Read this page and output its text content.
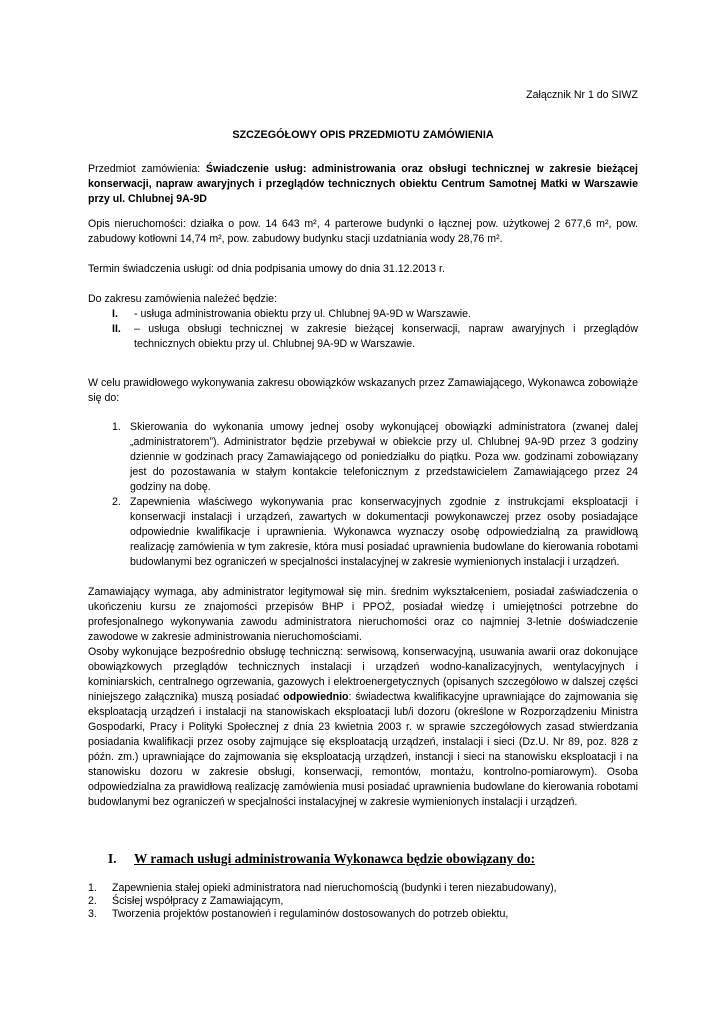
Załącznik Nr 1 do SIWZ

SZCZEGÓŁOWY OPIS PRZEDMIOTU ZAMÓWIENIA

Przedmiot zamówienia: Świadczenie usług: administrowania oraz obsługi technicznej w zakresie bieżącej konserwacji, napraw awaryjnych i przeglądów technicznych obiektu Centrum Samotnej Matki w Warszawie przy ul. Chlubnej 9A-9D

Opis nieruchomości: działka o pow. 14 643 m², 4 parterowe budynki o łącznej pow. użytkowej 2 677,6 m², pow. zabudowy kotłowni 14,74 m², pow. zabudowy budynku stacji uzdatniania wody 28,76 m².

Termin świadczenia usługi: od dnia podpisania umowy do dnia 31.12.2013 r.

Do zakresu zamówienia należeć będzie:

I. - usługa administrowania obiektu przy ul. Chlubnej 9A-9D w Warszawie.

II. – usługa obsługi technicznej w zakresie bieżącej konserwacji, napraw awaryjnych i przeglądów technicznych obiektu przy ul. Chlubnej 9A-9D w Warszawie.

W celu prawidłowego wykonywania zakresu obowiązków wskazanych przez Zamawiającego, Wykonawca zobowiąże się do:

1. Skierowania do wykonania umowy jednej osoby wykonującej obowiązki administratora (zwanej dalej „administratorem”). Administrator będzie przebywał w obiekcie przy ul. Chlubnej 9A-9D przez 3 godziny dziennie w godzinach pracy Zamawiającego od poniedziałku do piątku. Poza ww. godzinami zobowiązany jest do pozostawania w stałym kontakcie telefonicznym z przedstawicielem Zamawiającego przez 24 godziny na dobę.
2. Zapewnienia właściwego wykonywania prac konserwacyjnych zgodnie z instrukcjami eksploatacji i konserwacji instalacji i urządzeń, zawartych w dokumentacji powykonawczej przez osoby posiadające odpowiednie kwalifikacje i uprawnienia. Wykonawca wyznaczy osobę odpowiedzialną za prawidłową realizację zamówienia w tym zakresie, która musi posiadać uprawnienia budowlane do kierowania robotami budowlanymi bez ograniczeń w specjalności instalacyjnej w zakresie wymienionych instalacji i urządzeń.

Zamawiający wymaga, aby administrator legitymował się min. średnim wykształceniem, posiadał zaświadczenia o ukończeniu kursu ze znajomości przepisów BHP i PPOŻ, posiadał wiedzę i umiejętności potrzebne do profesjonalnego wykonywania zawodu administratora nieruchomości oraz co najmniej 3-letnie doświadczenie zawodowe w zakresie administrowania nieruchomościami.

Osoby wykonujące bezpośrednio obsługę techniczną: serwisową, konserwacyjną, usuwania awarii oraz dokonujące obowiązkowych przeglądów technicznych instalacji i urządzeń wodno-kanalizacyjnych, wentylacyjnych i kominiarskich, centralnego ogrzewania, gazowych i elektroenergetycznych (opisanych szczegółowo w dalszej części niniejszego załącznika) muszą posiadać odpowiednio: świadectwa kwalifikacyjne uprawniające do zajmowania się eksploatacją urządzeń i instalacji na stanowiskach eksploatacji lub/i dozoru (określone w Rozporządzeniu Ministra Gospodarki, Pracy i Polityki Społecznej z dnia 23 kwietnia 2003 r. w sprawie szczegółowych zasad stwierdzania posiadania kwalifikacji przez osoby zajmujące się eksploatacją urządzeń, instalacji i sieci (Dz.U. Nr 89, poz. 828 z późn. zm.) uprawniające do zajmowania się eksploatacją urządzeń, instancji i sieci na stanowisku eksploatacji i na stanowisku dozoru w zakresie obsługi, konserwacji, remontów, montażu, kontrolno-pomiarowym). Osoba odpowiedzialna za prawidłową realizację zamówienia musi posiadać uprawnienia budowlane do kierowania robotami budowlanymi bez ograniczeń w specjalności instalacyjnej w zakresie wymienionych instalacji i urządzeń.

I. W ramach usługi administrowania Wykonawca będzie obowiązany do:
1. Zapewnienia stałej opieki administratora nad nieruchomością (budynki i teren niezabudowany),
2. Ścisłej współpracy z Zamawiającym,
3. Tworzenia projektów postanowień i regulaminów dostosowanych do potrzeb obiektu,
